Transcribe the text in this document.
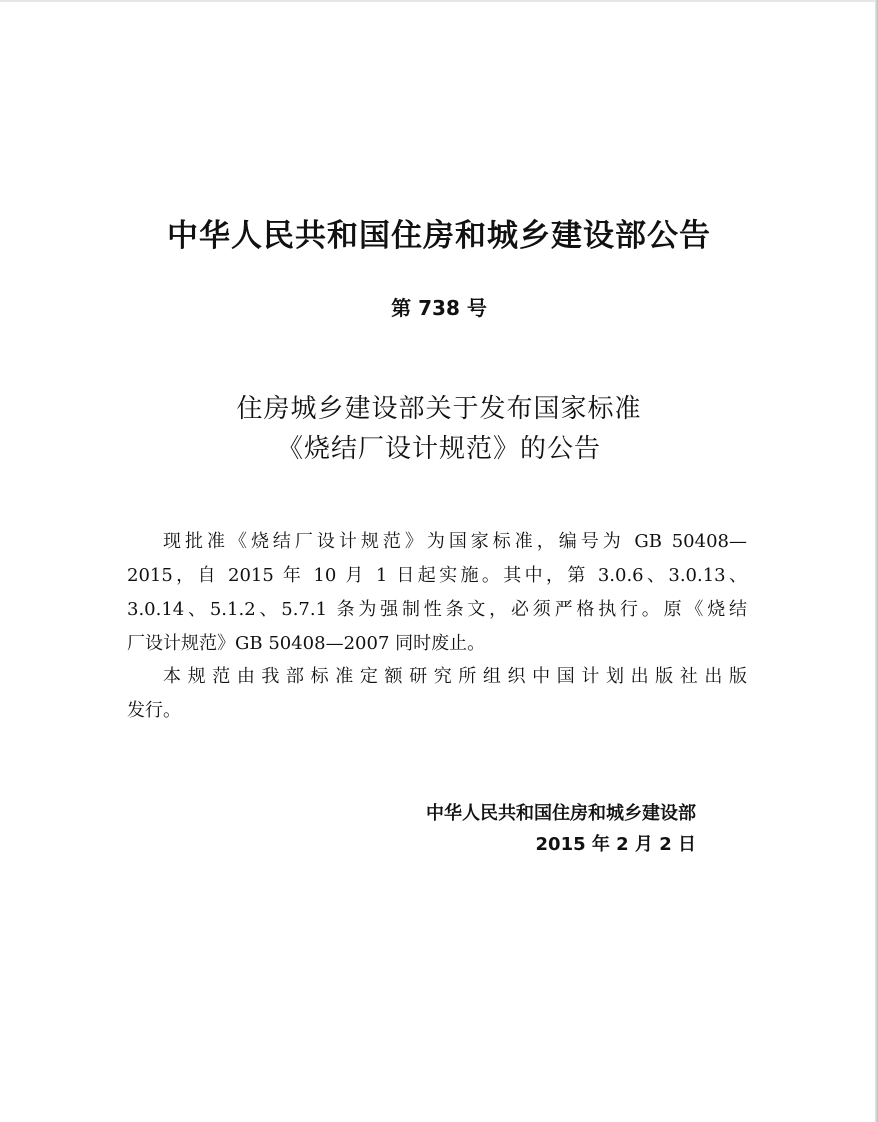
中华人民共和国住房和城乡建设部公告
第 738 号
住房城乡建设部关于发布国家标准
《烧结厂设计规范》的公告
现批准《烧结厂设计规范》为国家标准，编号为 GB 50408—
2015，自 2015 年 10 月 1 日起实施。其中，第 3.0.6、3.0.13、
3.0.14、5.1.2、5.7.1 条为强制性条文，必须严格执行。原《烧结
厂设计规范》GB 50408—2007 同时废止。
本规范由我部标准定额研究所组织中国计划出版社出版
发行。
中华人民共和国住房和城乡建设部
2015 年 2 月 2 日
